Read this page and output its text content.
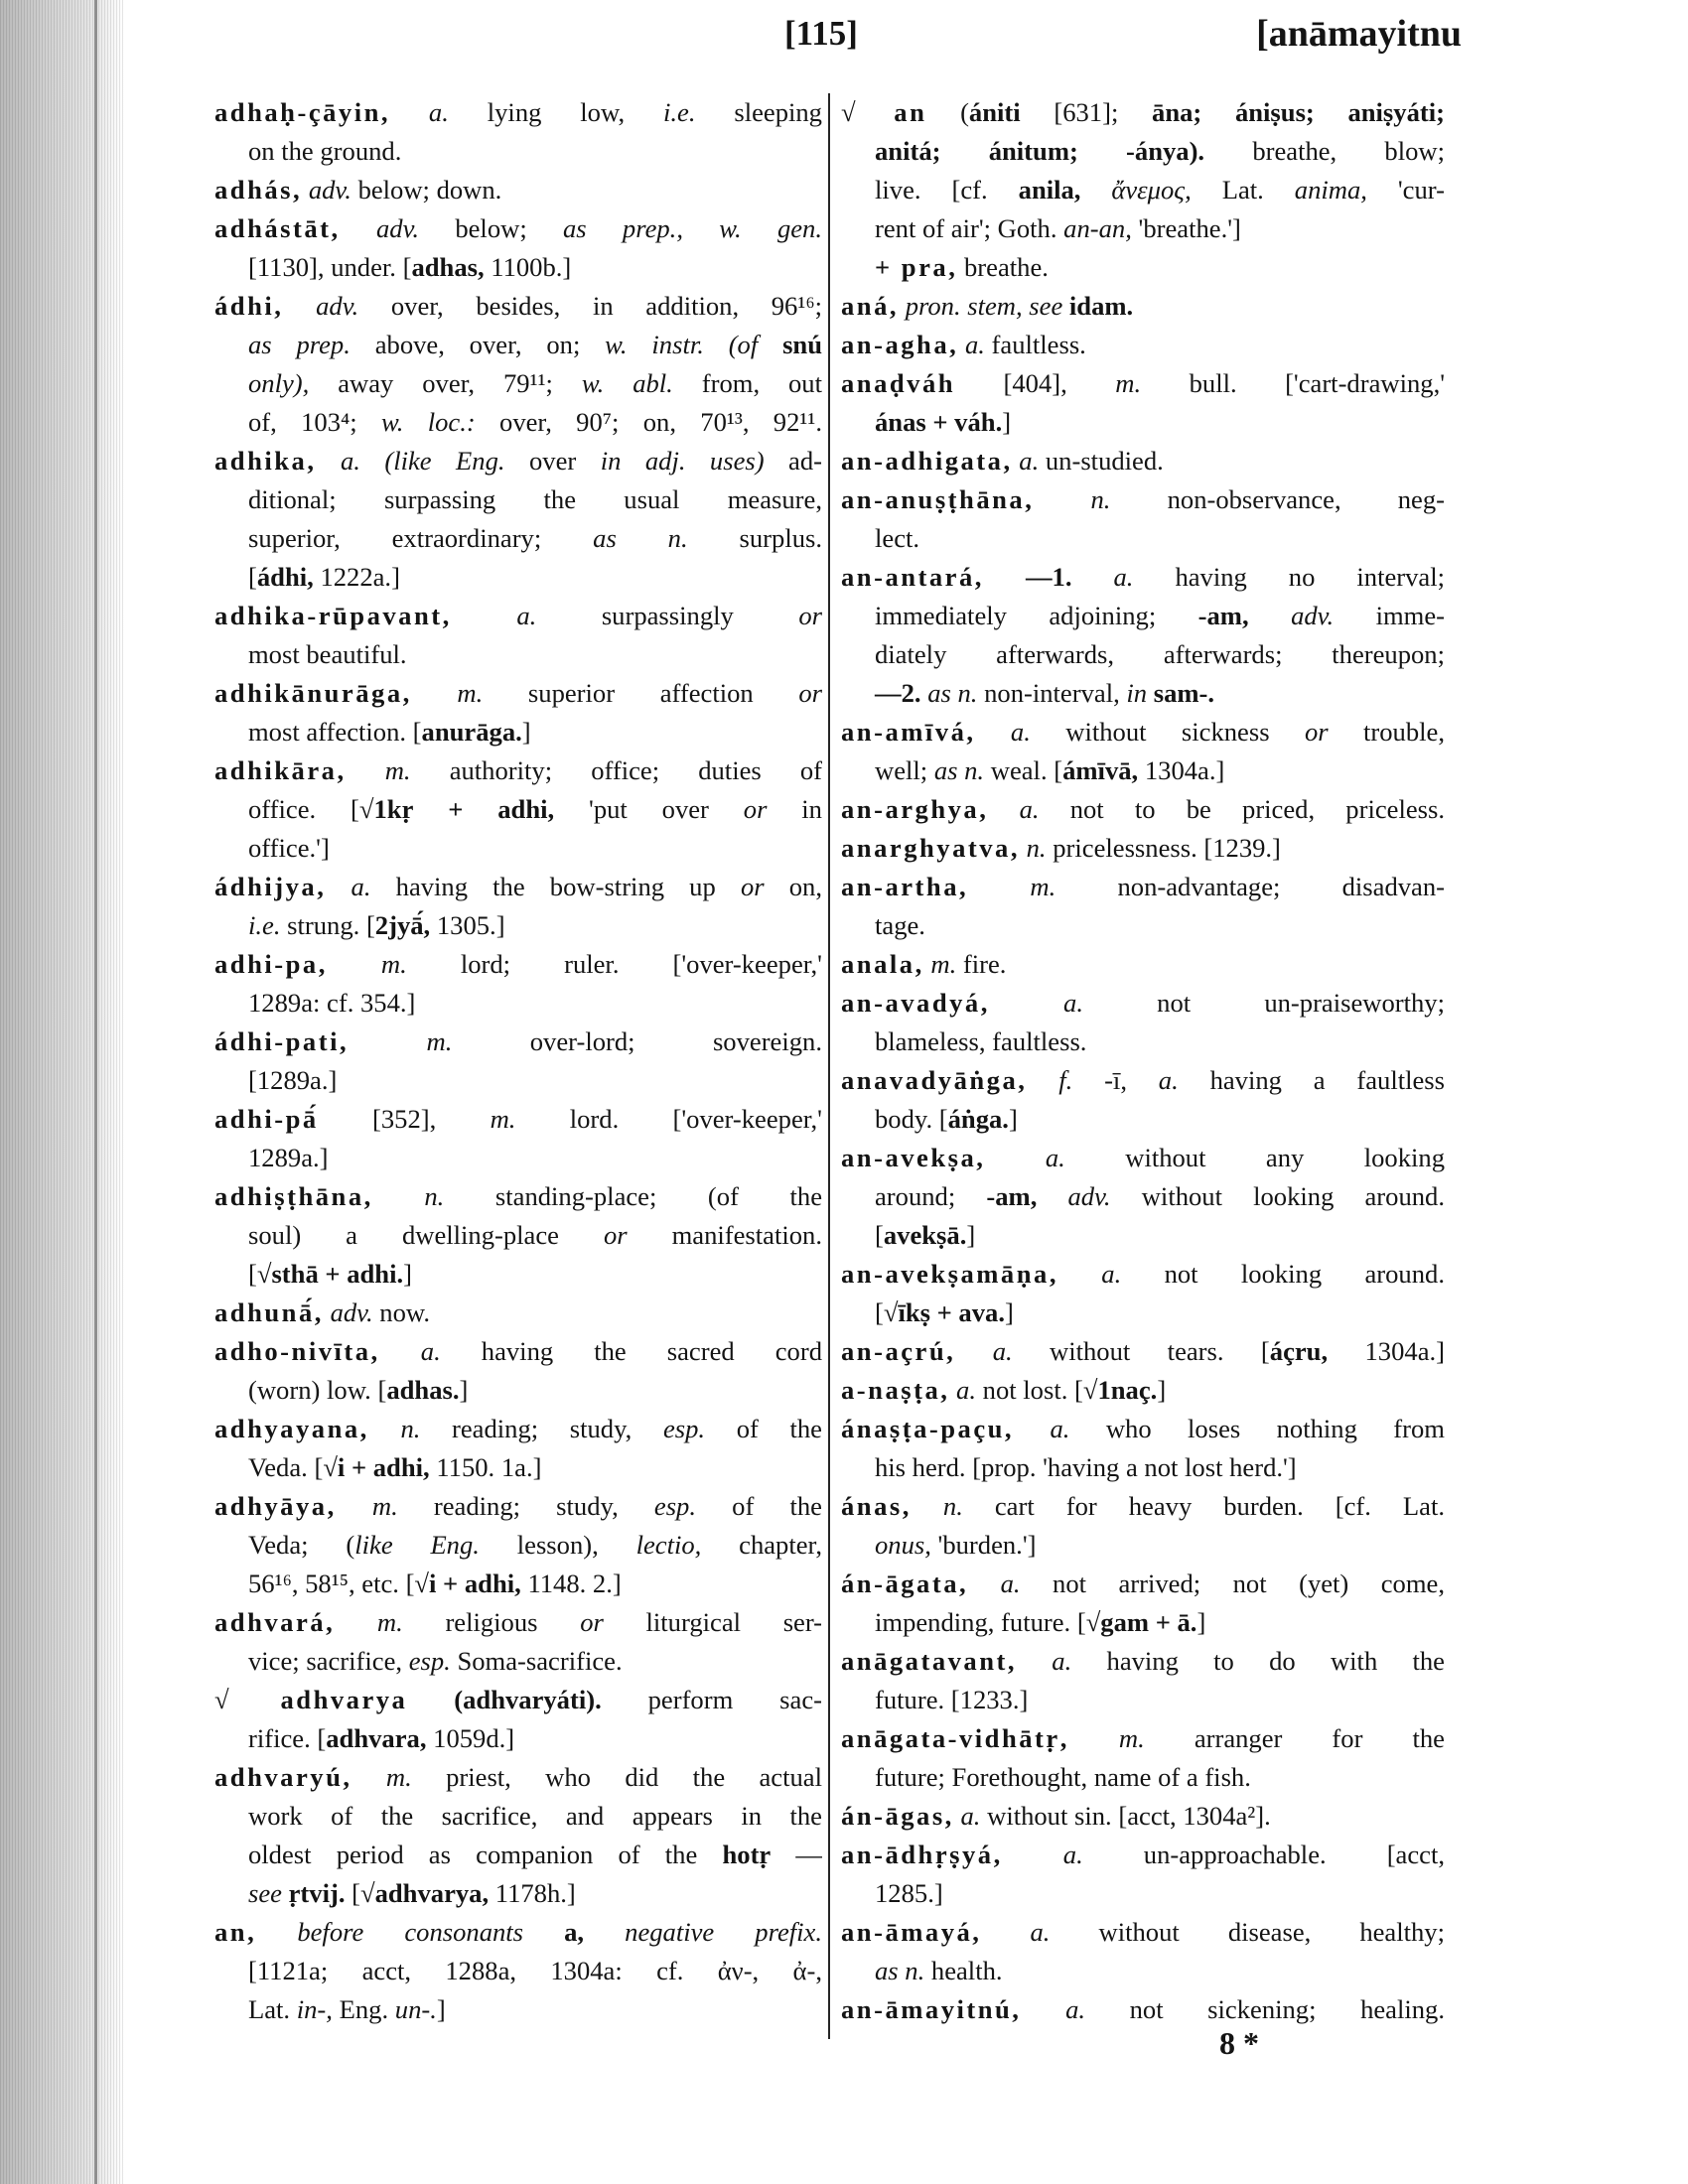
[115]	[anāmayitnu
adhaḥ-çāyin, a. lying low, i.e. sleeping
on the ground.
adhás, adv. below; down.
adhástāt, adv. below; as prep., w. gen.
[1130], under. [adhas, 1100b.]
ádhi, adv. over, besides, in addition, 96¹⁶;
as prep. above, over, on; w. instr. (of snú
only), away over, 79¹¹; w. abl. from, out
of, 103⁴; w. loc.: over, 90⁷; on, 70¹³, 92¹¹.
adhika, a. (like Eng. over in adj. uses) ad-
ditional; surpassing the usual measure,
superior, extraordinary; as n. surplus.
[ádhi, 1222a.]
adhika-rūpavant, a. surpassingly or
most beautiful.
adhikānurāga, m. superior affection or
most affection. [anurāga.]
adhikāra, m. authority; office; duties of
office. [√1kṛ + adhi, 'put over or in
office.']
ádhijya, a. having the bow-string up or on,
i.e. strung. [2jyā́, 1305.]
adhi-pa, m. lord; ruler. ['over-keeper,'
1289a: cf. 354.]
ádhi-pati,	m.	over-lord; sovereign.
[1289a.]
adhi-pā́ [352], m. lord. ['over-keeper,'
1289a.]
adhiṣṭhāna, n. standing-place; (of the
soul) a dwelling-place or manifestation.
[√sthā + adhi.]
adhunā́, adv. now.
adho-nivīta, a. having the sacred cord
(worn) low. [adhas.]
adhyayana, n. reading; study, esp. of the
Veda. [√i + adhi, 1150. 1a.]
adhyāya, m. reading; study, esp. of the
Veda; (like Eng. lesson), lectio, chapter,
56¹⁶, 58¹⁵, etc. [√i + adhi, 1148. 2.]
adhvará, m. religious or liturgical ser-
vice; sacrifice, esp. Soma-sacrifice.
√ adhvarya (adhvaryáti). perform sac-
rifice. [adhvara, 1059d.]
adhvaryú, m. priest, who did the actual
work of the sacrifice, and appears in the
oldest period as companion of the hotṛ —
see ṛtvij. [√adhvarya, 1178h.]
an, before consonants a, negative prefix.
[1121a; acct, 1288a, 1304a: cf. ἀν-, ἀ-,
Lat. in-, Eng. un-.]
√ an (ániti [631]; āna; ániṣus; aniṣyáti;
anitá; ánitum; -ánya). breathe, blow;
live. [cf. anila, ἄνεμος, Lat. anima, 'cur-
rent of air'; Goth. an-an, 'breathe.']
+ pra, breathe.
aná, pron. stem, see idam.
an-agha, a. faultless.
anaḍváh [404], m. bull. ['cart-drawing,'
ánas + váh.]
an-adhigata, a. un-studied.
an-anuṣṭhāna, n. non-observance, neg-
lect.
an-antará, —1. a. having no interval;
immediately adjoining; -am, adv. imme-
diately afterwards, afterwards; thereupon;
—2. as n. non-interval, in sam-.
an-amīvá, a. without sickness or trouble,
well; as n. weal. [ámīvā, 1304a.]
an-arghya, a. not to be priced, priceless.
anarghyatva, n. pricelessness. [1239.]
an-artha, m. non-advantage; disadvan-
tage.
anala, m. fire.
an-avadyá,	a.	not un-praiseworthy;
blameless, faultless.
anavadyāṅga, f. -ī, a. having a faultless
body. [áṅga.]
an-avekṣa, a. without any looking
around; -am, adv. without looking around.
[avekṣā.]
an-avekṣamāṇa, a. not looking around.
[√īkṣ + ava.]
an-açrú, a. without tears. [áçru, 1304a.]
a-naṣṭa, a. not lost. [√1naç.]
ánaṣṭa-paçu, a. who loses nothing from
his herd. [prop. 'having a not lost herd.']
ánas, n. cart for heavy burden. [cf. Lat.
onus, 'burden.']
án-āgata, a. not arrived; not (yet) come,
impending, future. [√gam + ā.]
anāgatavant, a. having to do with the
future. [1233.]
anāgata-vidhātṛ, m. arranger for the
future; Forethought, name of a fish.
án-āgas, a. without sin. [acct, 1304a²].
an-ādhṛṣyá, a. un-approachable. [acct,
1285.]
an-āmayá, a. without disease, healthy;
as n. health.
an-āmayitnú, a. not sickening; healing.
8 *
